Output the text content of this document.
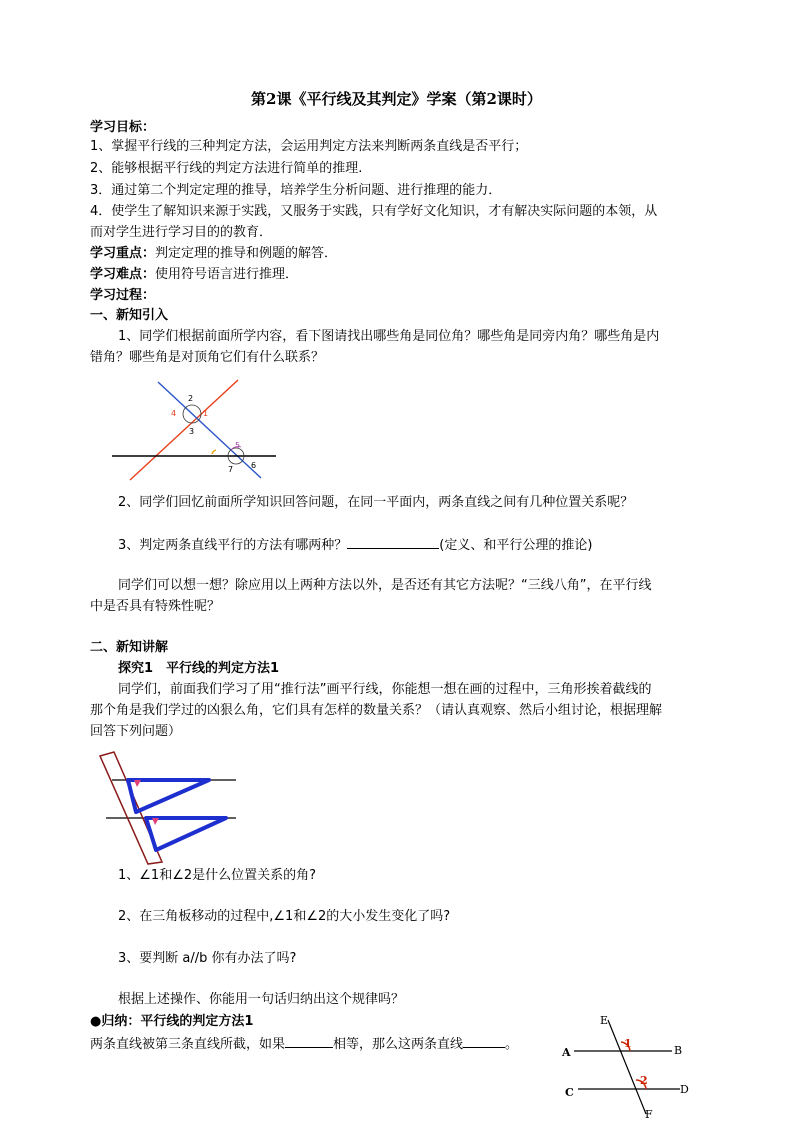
第2课《平行线及其判定》学案（第2课时）
学习目标：
1、掌握平行线的三种判定方法，会运用判定方法来判断两条直线是否平行；
2、能够根据平行线的判定方法进行简单的推理.
3．通过第二个判定定理的推导，培养学生分析问题、进行推理的能力．
4．使学生了解知识来源于实践，又服务于实践，只有学好文化知识，才有解决实际问题的本领，从
而对学生进行学习目的的教育．
学习重点：判定定理的推导和例题的解答．
学习难点：使用符号语言进行推理．
学习过程：
一、新知引入
1、同学们根据前面所学内容，看下图请找出哪些角是同位角？哪些角是同旁内角？哪些角是内
错角？哪些角是对顶角它们有什么联系？
1
2
3
4
5
6
7
2、同学们回忆前面所学知识回答问题，在同一平面内，两条直线之间有几种位置关系呢？
3、判定两条直线平行的方法有哪两种？	(定义、和平行公理的推论)
同学们可以想一想？除应用以上两种方法以外，是否还有其它方法呢？“三线八角”，在平行线
中是否具有特殊性呢？
二、新知讲解
探究1　平行线的判定方法1
同学们，前面我们学习了用“推行法”画平行线，你能想一想在画的过程中，三角形挨着截线的
那个角是我们学过的凶狠么角，它们具有怎样的数量关系？（请认真观察、然后小组讨论，根据理解
回答下列问题）
1、∠1和∠2是什么位置关系的角?
2、在三角板移动的过程中,∠1和∠2的大小发生变化了吗?
3、要判断 a//b 你有办法了吗?
根据上述操作、你能用一句话归纳出这个规律吗？
●归纳：平行线的判定方法1
两条直线被第三条直线所截，如果	相等，那么这两条直线	。
E
A	B
C	D
F
1
2
